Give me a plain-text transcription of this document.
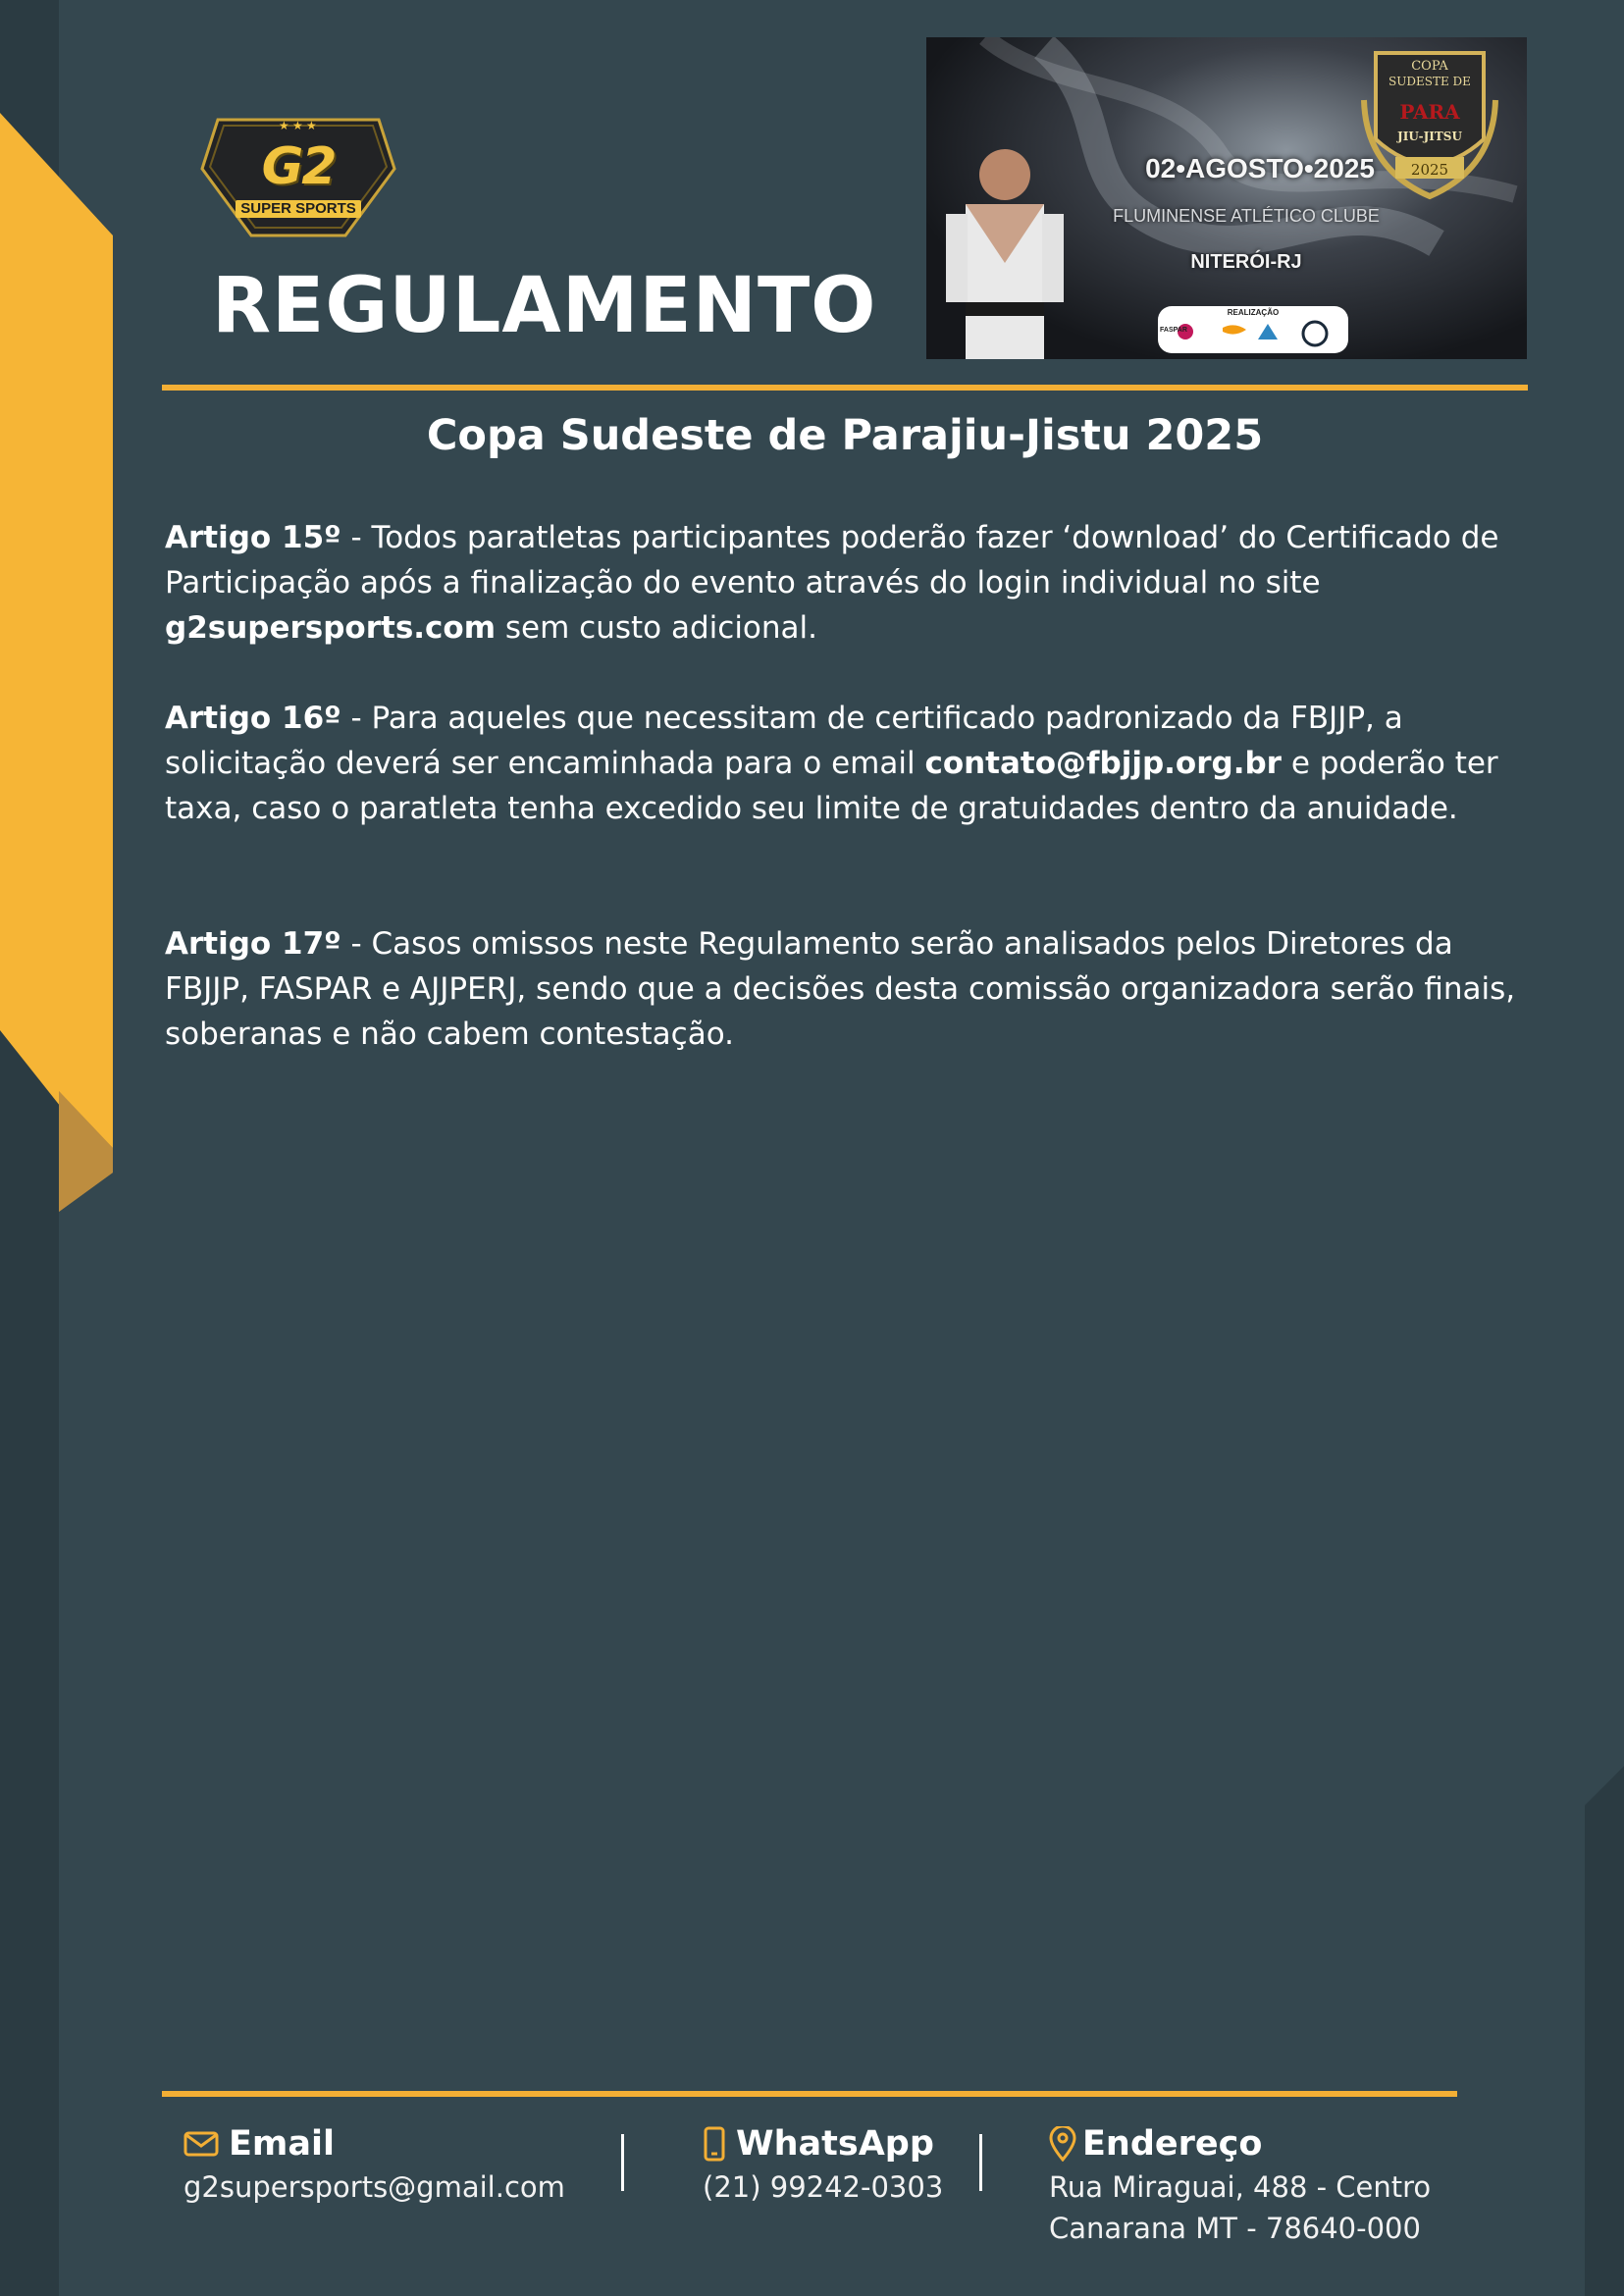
★ ★ ★
G2
SUPER SPORTS
REGULAMENTO
COPA
SUDESTE DE
PARA
JIU-JITSU
2025
02•AGOSTO•2025
FLUMINENSE ATLÉTICO CLUBE
NITERÓI-RJ
REALIZAÇÃO
FASPAR
Copa Sudeste de Parajiu-Jistu 2025

Artigo 15º - Todos paratletas participantes poderão fazer ‘download’ do Certificado de Participação após a finalização do evento através do login individual no site g2supersports.com sem custo adicional.

Artigo 16º - Para aqueles que necessitam de certificado padronizado da FBJJP, a solicitação deverá ser encaminhada para o email contato@fbjjp.org.br e poderão ter taxa, caso o paratleta tenha excedido seu limite de gratuidades dentro da anuidade.

Artigo 17º - Casos omissos neste Regulamento serão analisados pelos Diretores da FBJJP, FASPAR e AJJPERJ, sendo que a decisões desta comissão organizadora serão finais, soberanas e não cabem contestação.

Email
g2supersports@gmail.com
WhatsApp
(21) 99242-0303
Endereço
Rua Miraguai, 488 - Centro
Canarana MT - 78640-000
